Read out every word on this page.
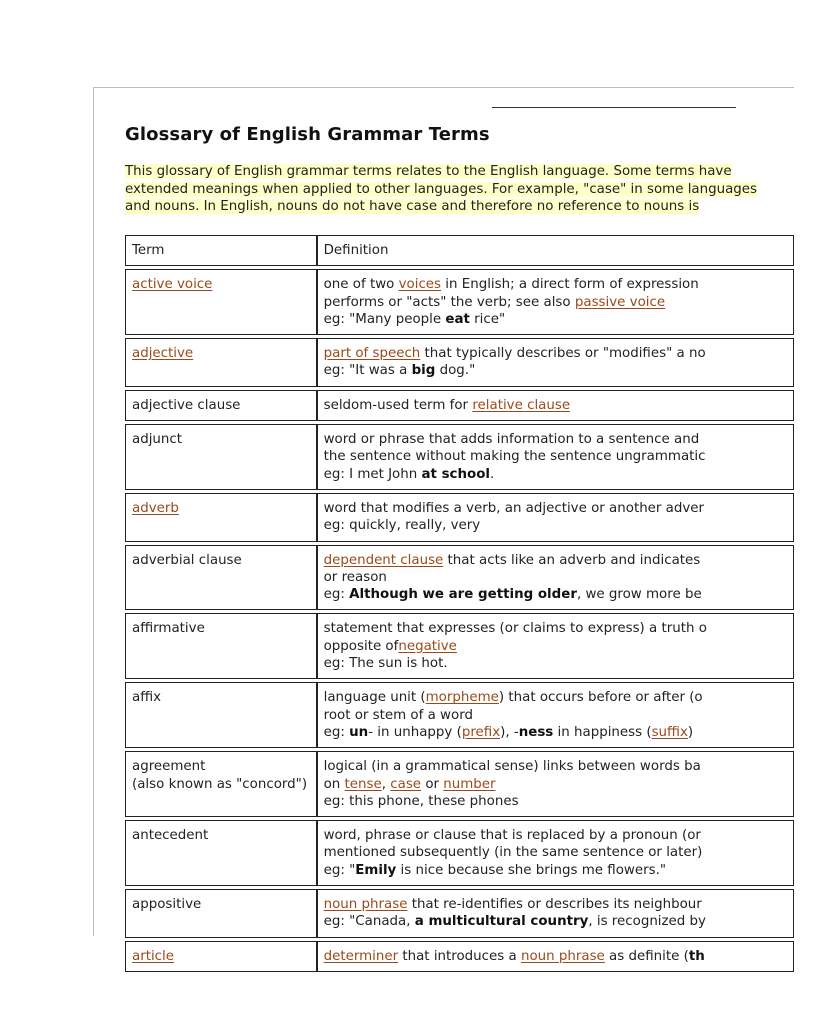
Glossary of English Grammar Terms
This glossary of English grammar terms relates to the English language. Some terms have
extended meanings when applied to other languages. For example, "case" in some languages
and nouns. In English, nouns do not have case and therefore no reference to nouns is
Term	Definition
active voice	one of two voices in English; a direct form of expression
performs or "acts" the verb; see also passive voice
eg: "Many people eat rice"
adjective	part of speech that typically describes or "modifies" a no
eg: "It was a big dog."
adjective clause	seldom-used term for relative clause
adjunct	word or phrase that adds information to a sentence and
the sentence without making the sentence ungrammatic
eg: I met John at school.
adverb	word that modifies a verb, an adjective or another adver
eg: quickly, really, very
adverbial clause	dependent clause that acts like an adverb and indicates
or reason
eg: Although we are getting older, we grow more be
affirmative	statement that expresses (or claims to express) a truth o
opposite ofnegative
eg: The sun is hot.
affix	language unit (morpheme) that occurs before or after (o
root or stem of a word
eg: un- in unhappy (prefix), -ness in happiness (suffix)
agreement
(also known as "concord")	logical (in a grammatical sense) links between words ba
on tense, case or number
eg: this phone, these phones
antecedent	word, phrase or clause that is replaced by a pronoun (or
mentioned subsequently (in the same sentence or later)
eg: "Emily is nice because she brings me flowers."
appositive	noun phrase that re-identifies or describes its neighbour
eg: "Canada, a multicultural country, is recognized by
article	determiner that introduces a noun phrase as definite (th
